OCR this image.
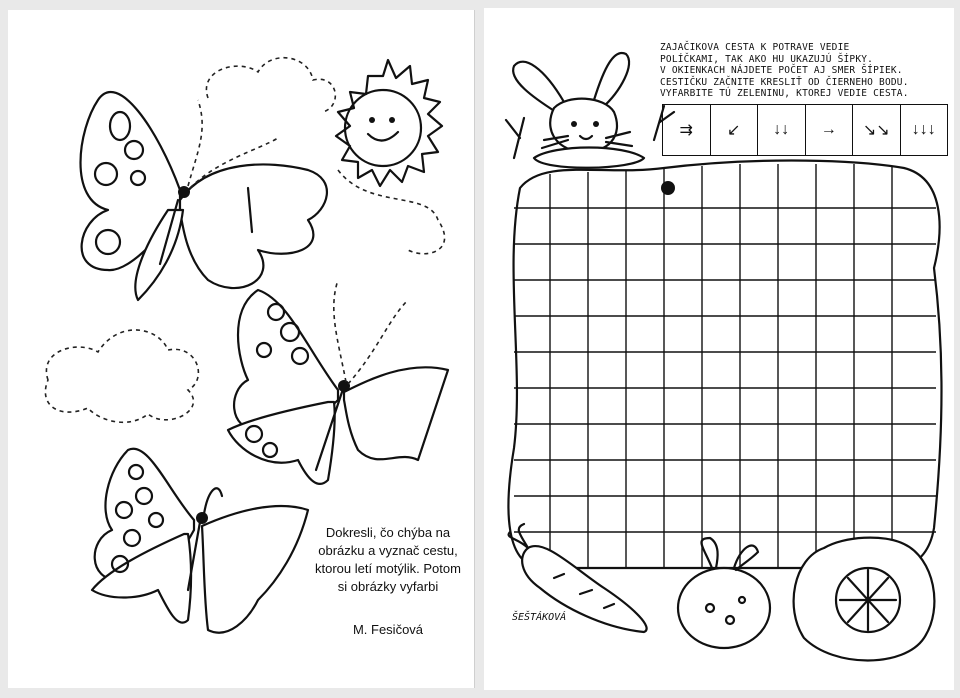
Dokresli, čo chýba na obrázku a vyznač cestu, ktorou letí motýlik. Potom si obrázky vyfarbi
M. Fesičová
ZAJAČIKOVA CESTA K POTRAVE VEDIE
POLÍČKAMI, TAK AKO HU UKAZUJÚ ŠÍPKY.
V OKIENKACH NÁJDETE POČET AJ SMER ŠÍPIEK.
CESTIČKU ZAČNITE KRESLIŤ OD ČIERNEHO BODU.
VYFARBITE TÚ ZELENINU, KTOREJ VEDIE CESTA.
⇉	↙	↓↓	→	↘↘	↓↓↓
ŠEŠTÁKOVÁ
